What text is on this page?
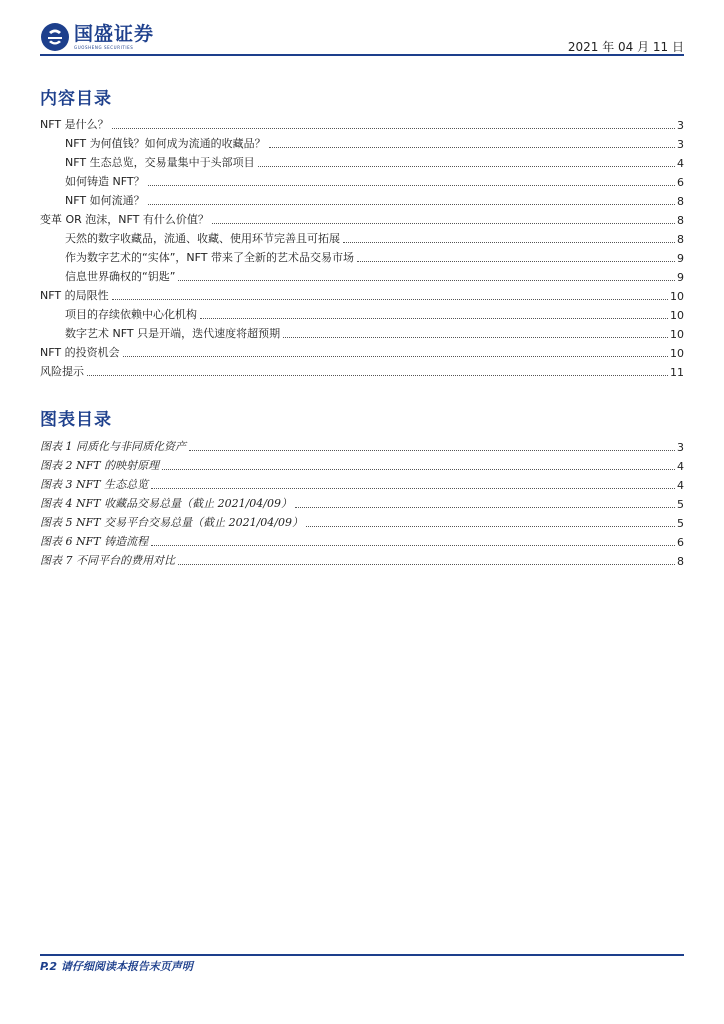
国盛证券
GUOSHENG SECURITIES	2021 年 04 月 11 日
内容目录
NFT 是什么？	3
NFT 为何值钱？如何成为流通的收藏品？	3
NFT 生态总览，交易量集中于头部项目	4
如何铸造 NFT？	6
NFT 如何流通？	8
变革 OR 泡沫，NFT 有什么价值？	8
天然的数字收藏品，流通、收藏、使用环节完善且可拓展	8
作为数字艺术的“实体”，NFT 带来了全新的艺术品交易市场	9
信息世界确权的“钥匙”	9
NFT 的局限性	10
项目的存续依赖中心化机构	10
数字艺术 NFT 只是开端，迭代速度将超预期	10
NFT 的投资机会	10
风险提示	11
图表目录
图表 1 同质化与非同质化资产	3
图表 2 NFT 的映射原理	4
图表 3 NFT 生态总览	4
图表 4 NFT 收藏品交易总量（截止 2021/04/09）	5
图表 5 NFT 交易平台交易总量（截止 2021/04/09）	5
图表 6 NFT 铸造流程	6
图表 7 不同平台的费用对比	8
P.2 请仔细阅读本报告末页声明
